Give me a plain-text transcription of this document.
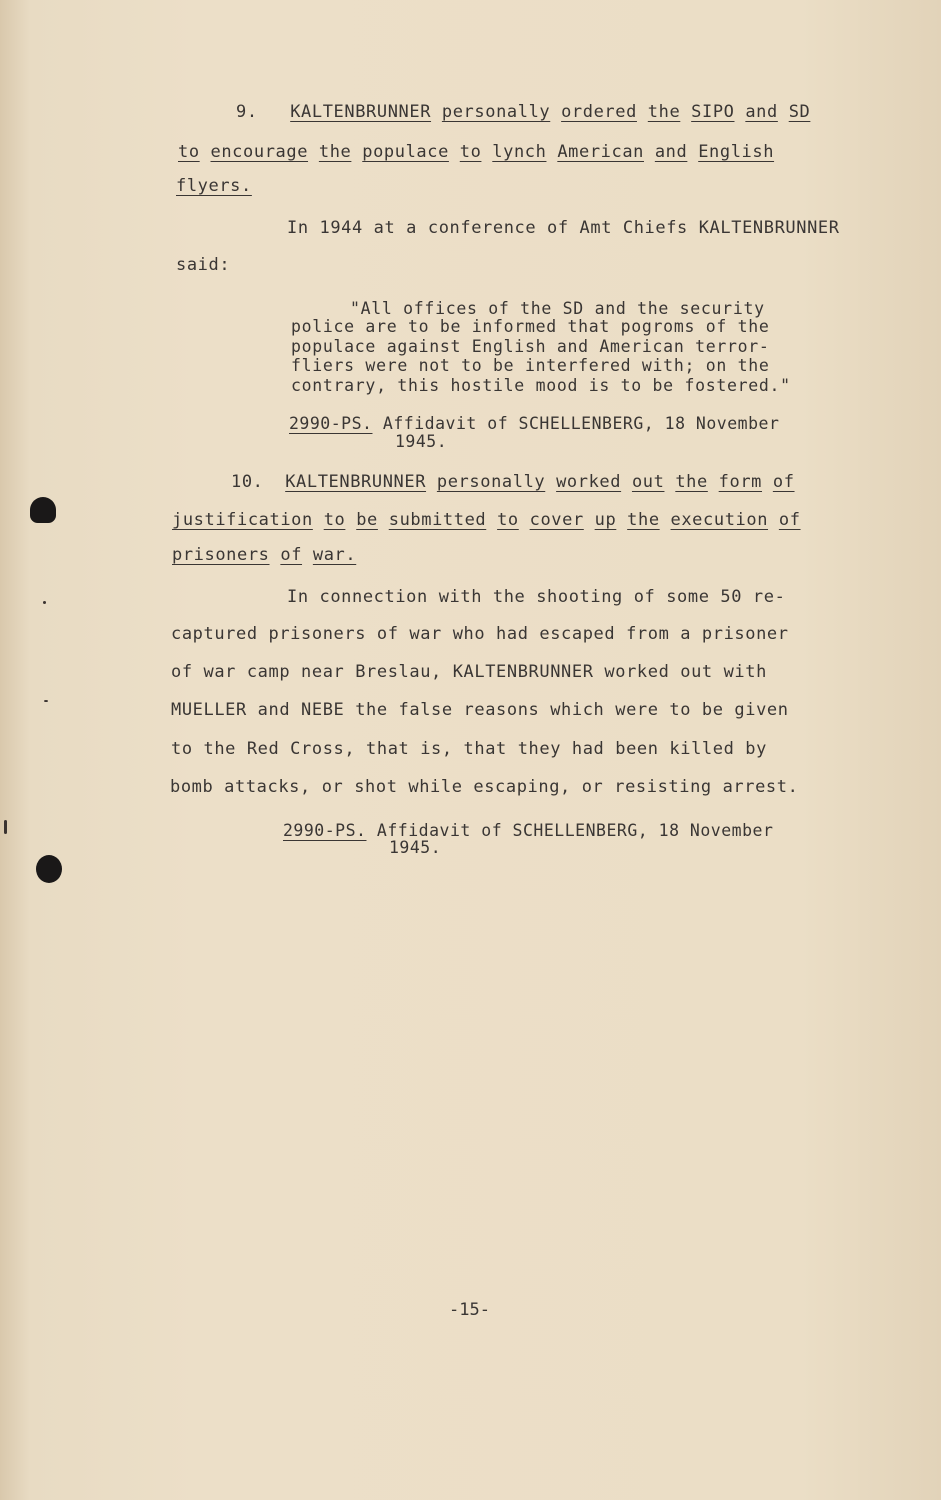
9. KALTENBRUNNER personally ordered the SIPO and SD
to encourage the populace to lynch American and English
flyers.
In 1944 at a conference of Amt Chiefs KALTENBRUNNER
said:
"All offices of the SD and the security
police are to be informed that pogroms of the
populace against English and American terror-
fliers were not to be interfered with; on the
contrary, this hostile mood is to be fostered."
2990-PS. Affidavit of SCHELLENBERG, 18 November
1945.
10. KALTENBRUNNER personally worked out the form of
justification to be submitted to cover up the execution of
prisoners of war.
In connection with the shooting of some 50 re-
captured prisoners of war who had escaped from a prisoner
of war camp near Breslau, KALTENBRUNNER worked out with
MUELLER and NEBE the false reasons which were to be given
to the Red Cross, that is, that they had been killed by
bomb attacks, or shot while escaping, or resisting arrest.
2990-PS. Affidavit of SCHELLENBERG, 18 November
1945.
-15-
